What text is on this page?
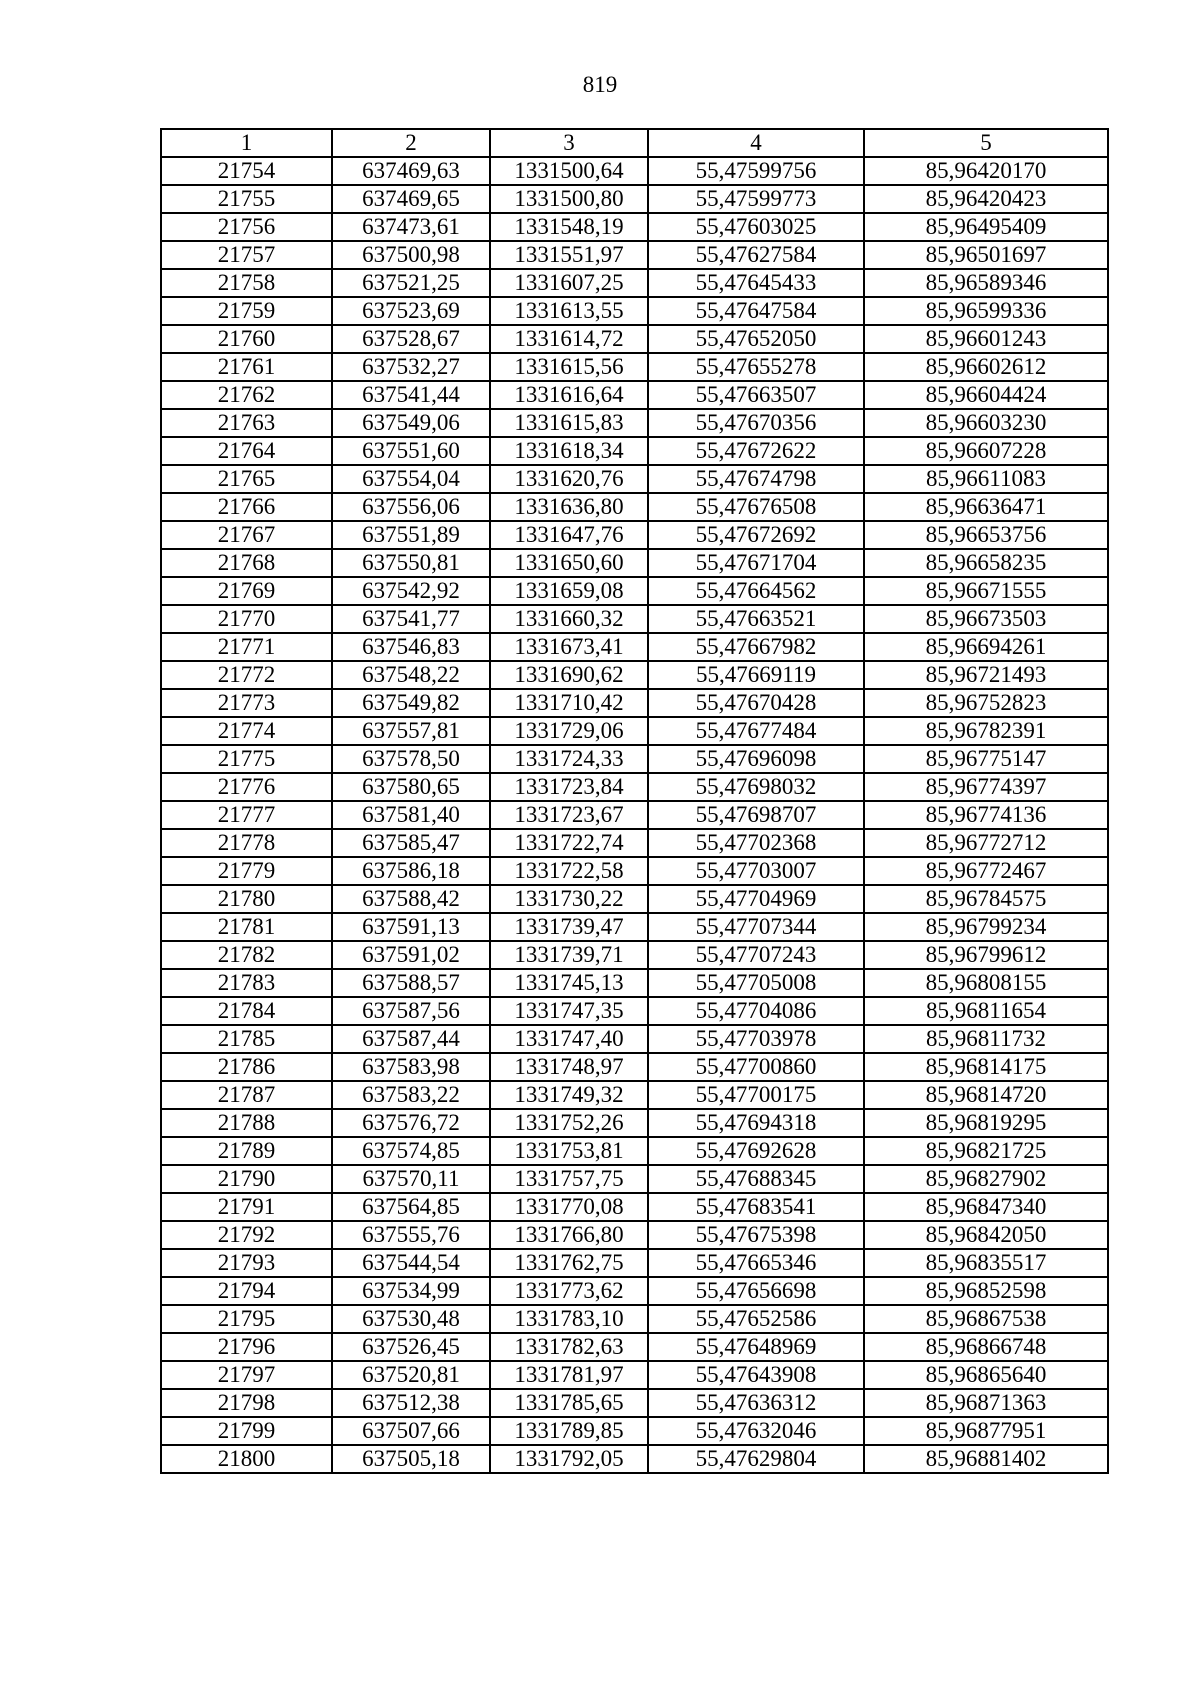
819
1	2	3	4	5
21754	637469,63	1331500,64	55,47599756	85,96420170
21755	637469,65	1331500,80	55,47599773	85,96420423
21756	637473,61	1331548,19	55,47603025	85,96495409
21757	637500,98	1331551,97	55,47627584	85,96501697
21758	637521,25	1331607,25	55,47645433	85,96589346
21759	637523,69	1331613,55	55,47647584	85,96599336
21760	637528,67	1331614,72	55,47652050	85,96601243
21761	637532,27	1331615,56	55,47655278	85,96602612
21762	637541,44	1331616,64	55,47663507	85,96604424
21763	637549,06	1331615,83	55,47670356	85,96603230
21764	637551,60	1331618,34	55,47672622	85,96607228
21765	637554,04	1331620,76	55,47674798	85,96611083
21766	637556,06	1331636,80	55,47676508	85,96636471
21767	637551,89	1331647,76	55,47672692	85,96653756
21768	637550,81	1331650,60	55,47671704	85,96658235
21769	637542,92	1331659,08	55,47664562	85,96671555
21770	637541,77	1331660,32	55,47663521	85,96673503
21771	637546,83	1331673,41	55,47667982	85,96694261
21772	637548,22	1331690,62	55,47669119	85,96721493
21773	637549,82	1331710,42	55,47670428	85,96752823
21774	637557,81	1331729,06	55,47677484	85,96782391
21775	637578,50	1331724,33	55,47696098	85,96775147
21776	637580,65	1331723,84	55,47698032	85,96774397
21777	637581,40	1331723,67	55,47698707	85,96774136
21778	637585,47	1331722,74	55,47702368	85,96772712
21779	637586,18	1331722,58	55,47703007	85,96772467
21780	637588,42	1331730,22	55,47704969	85,96784575
21781	637591,13	1331739,47	55,47707344	85,96799234
21782	637591,02	1331739,71	55,47707243	85,96799612
21783	637588,57	1331745,13	55,47705008	85,96808155
21784	637587,56	1331747,35	55,47704086	85,96811654
21785	637587,44	1331747,40	55,47703978	85,96811732
21786	637583,98	1331748,97	55,47700860	85,96814175
21787	637583,22	1331749,32	55,47700175	85,96814720
21788	637576,72	1331752,26	55,47694318	85,96819295
21789	637574,85	1331753,81	55,47692628	85,96821725
21790	637570,11	1331757,75	55,47688345	85,96827902
21791	637564,85	1331770,08	55,47683541	85,96847340
21792	637555,76	1331766,80	55,47675398	85,96842050
21793	637544,54	1331762,75	55,47665346	85,96835517
21794	637534,99	1331773,62	55,47656698	85,96852598
21795	637530,48	1331783,10	55,47652586	85,96867538
21796	637526,45	1331782,63	55,47648969	85,96866748
21797	637520,81	1331781,97	55,47643908	85,96865640
21798	637512,38	1331785,65	55,47636312	85,96871363
21799	637507,66	1331789,85	55,47632046	85,96877951
21800	637505,18	1331792,05	55,47629804	85,96881402
